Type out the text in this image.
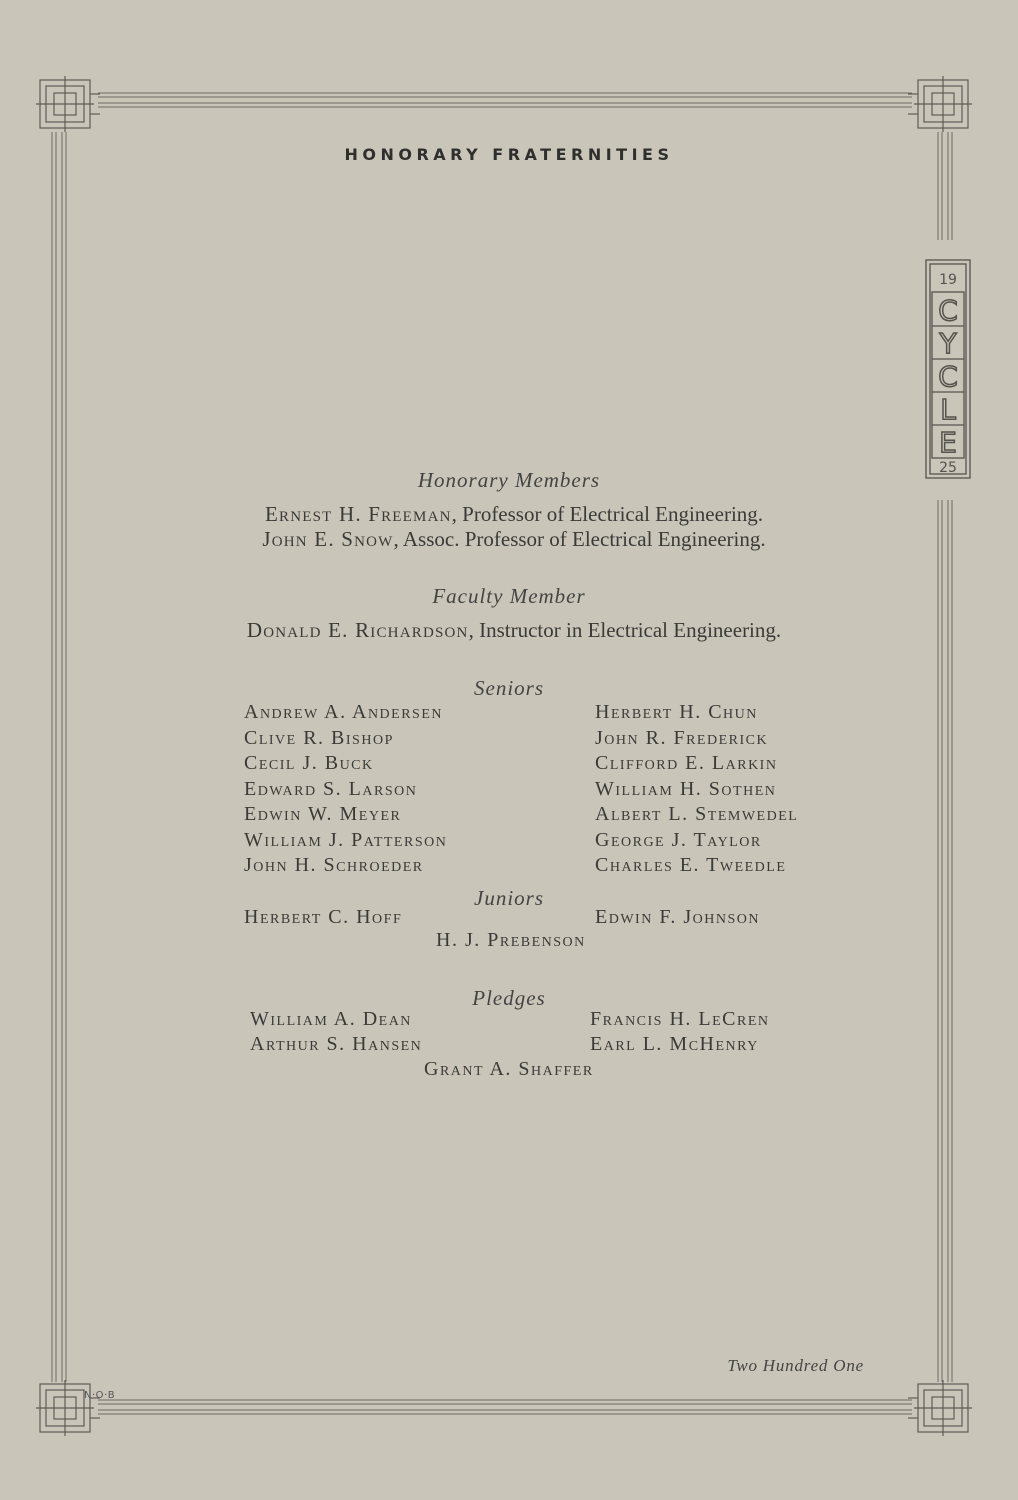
19
25
C
Y
C
L
E
HONORARY FRATERNITIES
Honorary Members
Ernest H. Freeman, Professor of Electrical Engineering.
John E. Snow, Assoc. Professor of Electrical Engineering.
Faculty Member
Donald E. Richardson, Instructor in Electrical Engineering.
Seniors
Andrew A. Andersen
Clive R. Bishop
Cecil J. Buck
Edward S. Larson
Edwin W. Meyer
William J. Patterson
John H. Schroeder
Herbert H. Chun
John R. Frederick
Clifford E. Larkin
William H. Sothen
Albert L. Stemwedel
George J. Taylor
Charles E. Tweedle
Juniors
Herbert C. Hoff	Edwin F. Johnson
H. J. Prebenson
Pledges
William A. Dean
Arthur S. Hansen
Francis H. LeCren
Earl L. McHenry
Grant A. Shaffer
Two Hundred One
N·O·B
